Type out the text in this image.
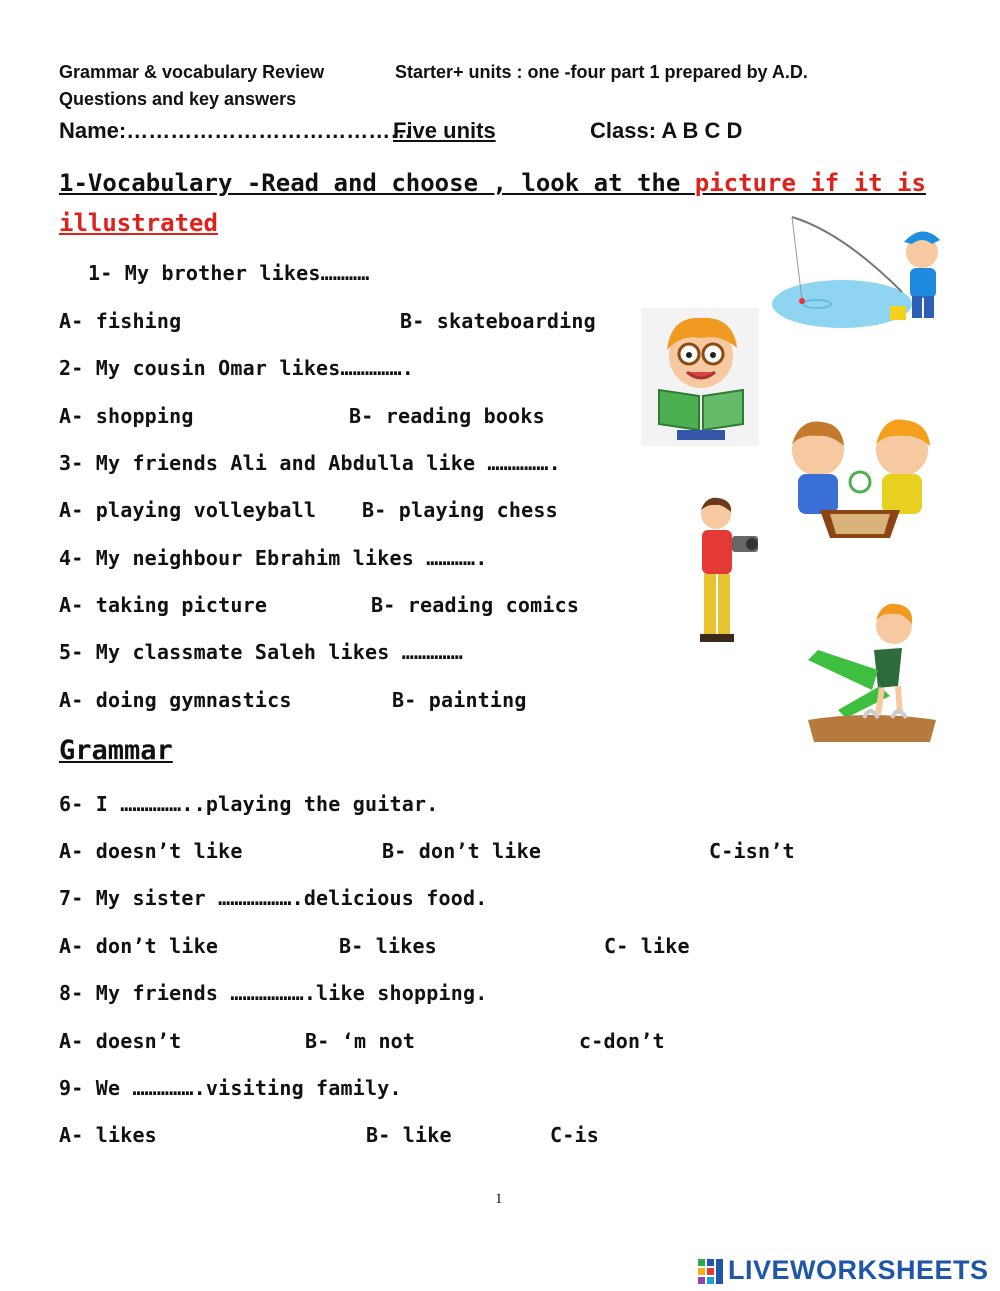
Grammar & vocabulary Review	Starter+ units : one -four part 1 prepared by A.D.
Questions and key answers
Name:…………………………………
Five units	Class: A B C D
1-Vocabulary -Read and choose , look at the picture if it is
illustrated
1- My brother likes…………
A- fishing	B- skateboarding
2- My cousin Omar likes…………….
A- shopping	B- reading books
3- My friends Ali and Abdulla like …………….
A- playing volleyball B- playing chess
4- My neighbour Ebrahim likes ………….
A- taking picture	B- reading comics
5- My classmate Saleh likes ……………
A- doing gymnastics	B- painting
Grammar
6- I ……………..playing the guitar.
A- doesn’t like	B- don’t like	C-isn’t
7- My sister ……………….delicious food.
A- don’t like	B- likes	C- like
8- My friends ……………….like shopping.
A- doesn’t	B- ‘m not	c-don’t
9- We …………….visiting family.
A- likes	B- like	C-is
1
LIVEWORKSHEETS
